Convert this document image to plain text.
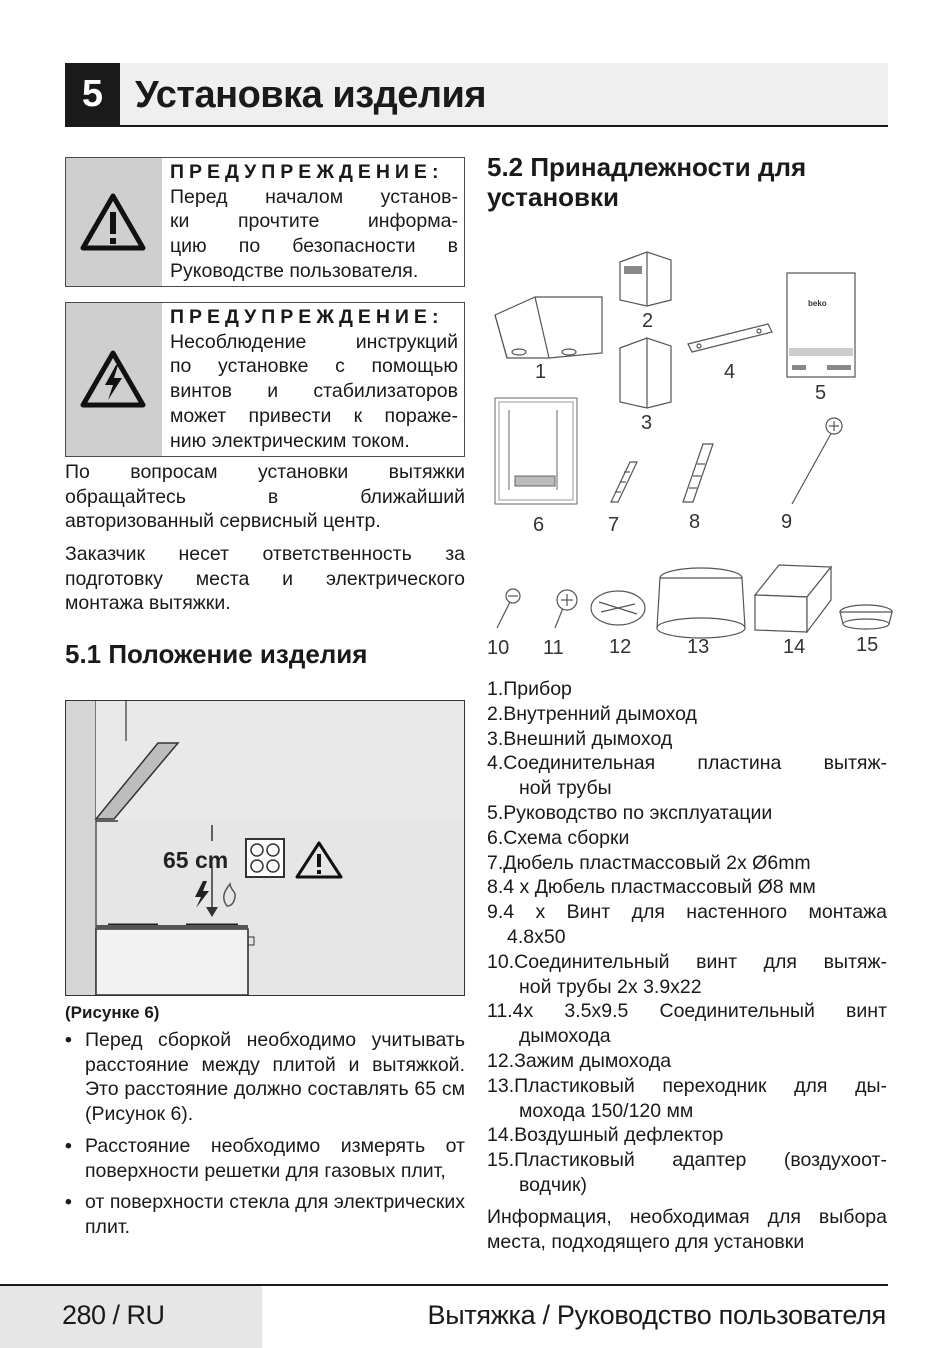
5 Установка изделия
ПРЕДУПРЕЖДЕНИЕ:
Перед началом установ-
ки прочтите информа-
цию по безопасности в
Руководстве пользователя.
ПРЕДУПРЕЖДЕНИЕ:
Несоблюдение инструкций
по установке с помощью
винтов и стабилизаторов
может привести к пораже-
нию электрическим током.
По вопросам установки вытяжки обращайтесь в ближайший авторизованный сервисный центр.
Заказчик несет ответственность за подготовку места и электрического монтажа вытяжки.
5.1 Положение изделия
65 cm
(Рисунке 6)
• Перед сборкой необходимо учитывать расстояние между плитой и вытяжкой. Это расстояние должно составлять 65 см (Рисунок 6).
• Расстояние необходимо измерять от поверхности решетки для газовых плит,
• от поверхности стекла для электрических плит.
5.2 Принадлежности для
установки
1
2
3
4
5
6	7	8	9
10 11 12	13	14	15
beko
1. Прибор
2. Внутренний дымоход
3. Внешний дымоход
4. Соединительная пластина вытяж-
ной трубы
5. Руководство по эксплуатации
6. Схема сборки
7. Дюбель пластмассовый 2x Ø6mm
8. 4 x Дюбель пластмассовый Ø8 мм
9. 4 x Винт для настенного монтажа
4.8x50
10. Соединительный винт для вытяж-
ной трубы 2x 3.9x22
11. 4x 3.5x9.5 Соединительный винт
дымохода
12. Зажим дымохода
13. Пластиковый переходник для ды-
мохода 150/120 мм
14. Воздушный дефлектор
15. Пластиковый адаптер (воздухоот-
водчик)
Информация, необходимая для выбора места, подходящего для установки
280 / RU	Вытяжка / Руководство пользователя
